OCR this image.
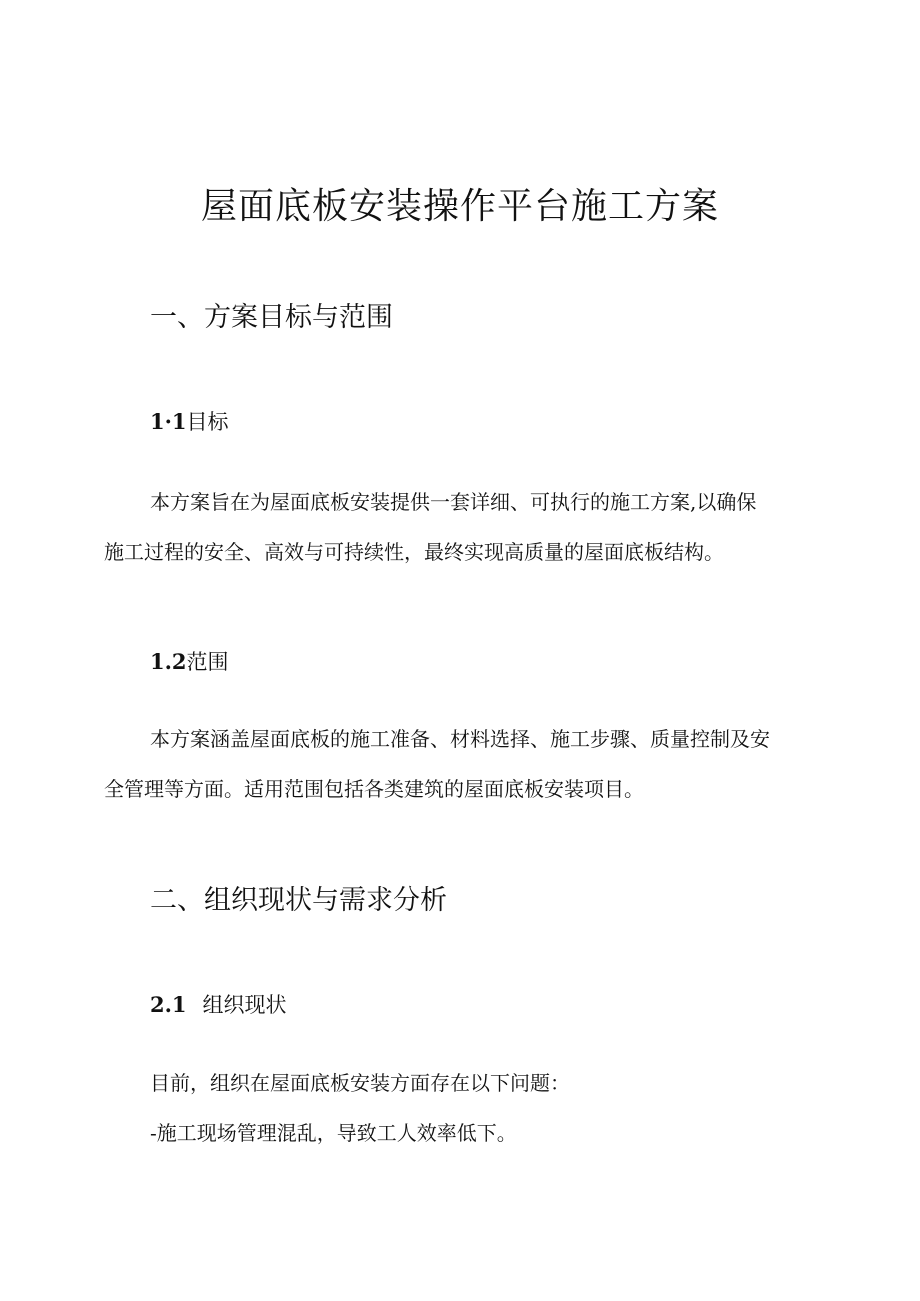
屋面底板安装操作平台施工方案
一、方案目标与范围
1·1目标
本方案旨在为屋面底板安装提供一套详细、可执行的施工方案,以确保
施工过程的安全、高效与可持续性，最终实现高质量的屋面底板结构。
1.2范围
本方案涵盖屋面底板的施工准备、材料选择、施工步骤、质量控制及安
全管理等方面。适用范围包括各类建筑的屋面底板安装项目。
二、组织现状与需求分析
2.1 组织现状

目前，组织在屋面底板安装方面存在以下问题：

-施工现场管理混乱，导致工人效率低下。
